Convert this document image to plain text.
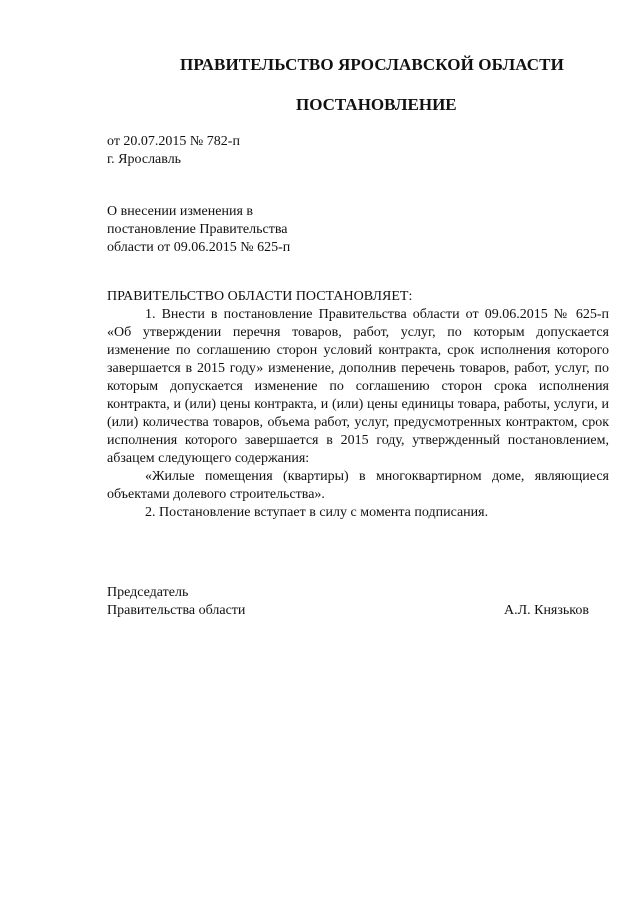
ПРАВИТЕЛЬСТВО ЯРОСЛАВСКОЙ ОБЛАСТИ
ПОСТАНОВЛЕНИЕ
от 20.07.2015 № 782-п
г. Ярославль
О внесении изменения в
постановление Правительства
области от 09.06.2015 № 625-п
ПРАВИТЕЛЬСТВО ОБЛАСТИ ПОСТАНОВЛЯЕТ:

1. Внести в постановление Правительства области от 09.06.2015 № 625-п «Об утверждении перечня товаров, работ, услуг, по которым допускается изменение по соглашению сторон условий контракта, срок исполнения которого завершается в 2015 году» изменение, дополнив перечень товаров, работ, услуг, по которым допускается изменение по соглашению сторон срока исполнения контракта, и (или) цены контракта, и (или) цены единицы товара, работы, услуги, и (или) количества товаров, объема работ, услуг, предусмотренных контрактом, срок исполнения которого завершается в 2015 году, утвержденный постановлением, абзацем следующего содержания:

«Жилые помещения (квартиры) в многоквартирном доме, являющиеся объектами долевого строительства».

2. Постановление вступает в силу с момента подписания.

Председатель
Правительства области	А.Л. Князьков
